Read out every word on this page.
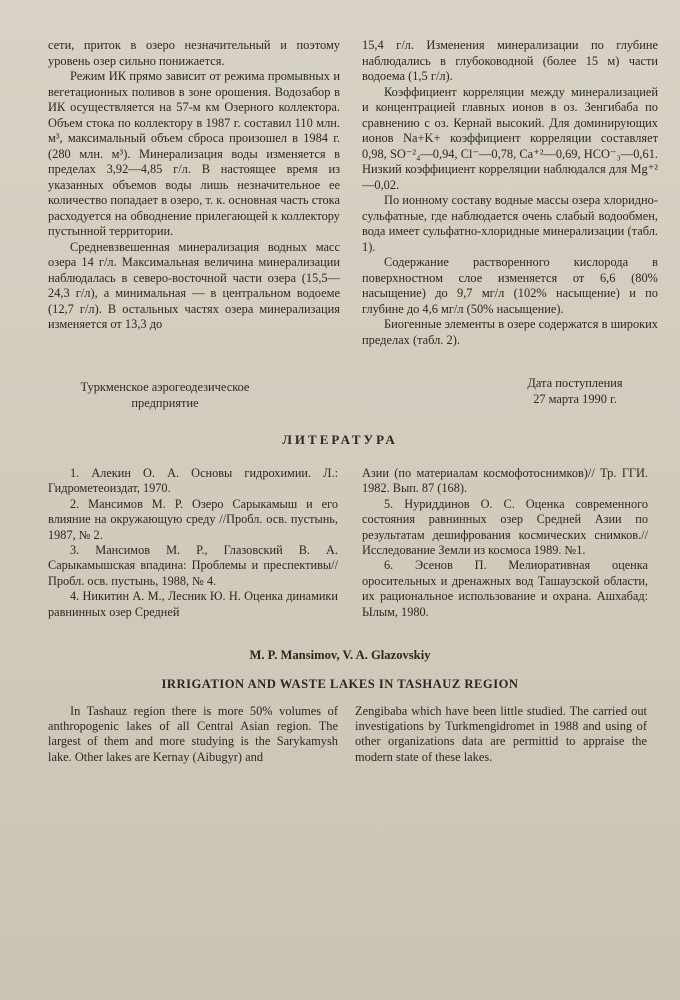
сети, приток в озеро незначительный и поэтому уровень озер сильно понижается.

Режим ИК прямо зависит от режима промывных и вегетационных поливов в зоне орошения. Водозабор в ИК осуществляется на 57-м км Озерного коллектора. Объем стока по коллектору в 1987 г. составил 110 млн. м³, максимальный объем сброса произошел в 1984 г. (280 млн. м³). Минерализация воды изменяется в пределах 3,92—4,85 г/л. В настоящее время из указанных объемов воды лишь незначительное ее количество попадает в озеро, т. к. основная часть стока расходуется на обводнение прилегающей к коллектору пустынной территории.

Средневзвешенная минерализация водных масс озера 14 г/л. Максимальная величина минерализации наблюдалась в северо-восточной части озера (15,5—24,3 г/л), а минимальная — в центральном водоеме (12,7 г/л). В остальных частях озера минерализация изменяется от 13,3 до

15,4 г/л. Изменения минерализации по глубине наблюдались в глубоководной (более 15 м) части водоема (1,5 г/л).

Коэффициент корреляции между минерализацией и концентрацией главных ионов в оз. Зенгибаба по сравнению с оз. Кернай высокий. Для доминирующих ионов Na+K+ коэффициент корреляции составляет 0,98, SO⁻²₄—0,94, Cl⁻—0,78, Ca⁺²—0,69, HCO⁻₃—0,61. Низкий коэффициент корреляции наблюдался для Mg⁺²—0,02.

По ионному составу водные массы озера хлоридно-сульфатные, где наблюдается очень слабый водообмен, вода имеет сульфатно-хлоридные минерализации (табл. 1).

Содержание растворенного кислорода в поверхностном слое изменяется от 6,6 (80% насыщение) до 9,7 мг/л (102% насыщение) и по глубине до 4,6 мг/л (50% насыщение).

Биогенные элементы в озере содержатся в широких пределах (табл. 2).

Туркменское аэрогеодезическое
предприятие
Дата поступления
27 марта 1990 г.
ЛИТЕРАТУРА

1. Алекин О. А. Основы гидрохимии. Л.: Гидрометеоиздат, 1970.

2. Мансимов М. Р. Озеро Сарыкамыш и его влияние на окружающую среду //Пробл. осв. пустынь, 1987, № 2.

3. Мансимов М. Р., Глазовский В. А. Сарыкамышская впадина: Проблемы и преспективы//Пробл. осв. пустынь, 1988, № 4.

4. Никитин А. М., Лесник Ю. Н. Оценка динамики равнинных озер Средней

Азии (по материалам космофотоснимков)// Тр. ГГИ. 1982. Вып. 87 (168).

5. Нуриддинов О. С. Оценка современного состояния равнинных озер Средней Азии по результатам дешифрования космических снимков.//Исследование Земли из космоса 1989. №1.

6. Эсенов П. Мелиоративная оценка оросительных и дренажных вод Ташаузской области, их рациональное использование и охрана. Ашхабад: Ылым, 1980.

M. P. Mansimov, V. A. Glazovskiy
IRRIGATION AND WASTE LAKES IN TASHAUZ REGION

In Tashauz region there is more 50% volumes of anthropogenic lakes of all Central Asian region. The largest of them and more studying is the Sarykamysh lake. Other lakes are Kernay (Aibugyr) and

Zengibaba which have been little studied. The carried out investigations by Turkmengidromet in 1988 and using of other organizations data are permittid to appraise the modern state of these lakes.
